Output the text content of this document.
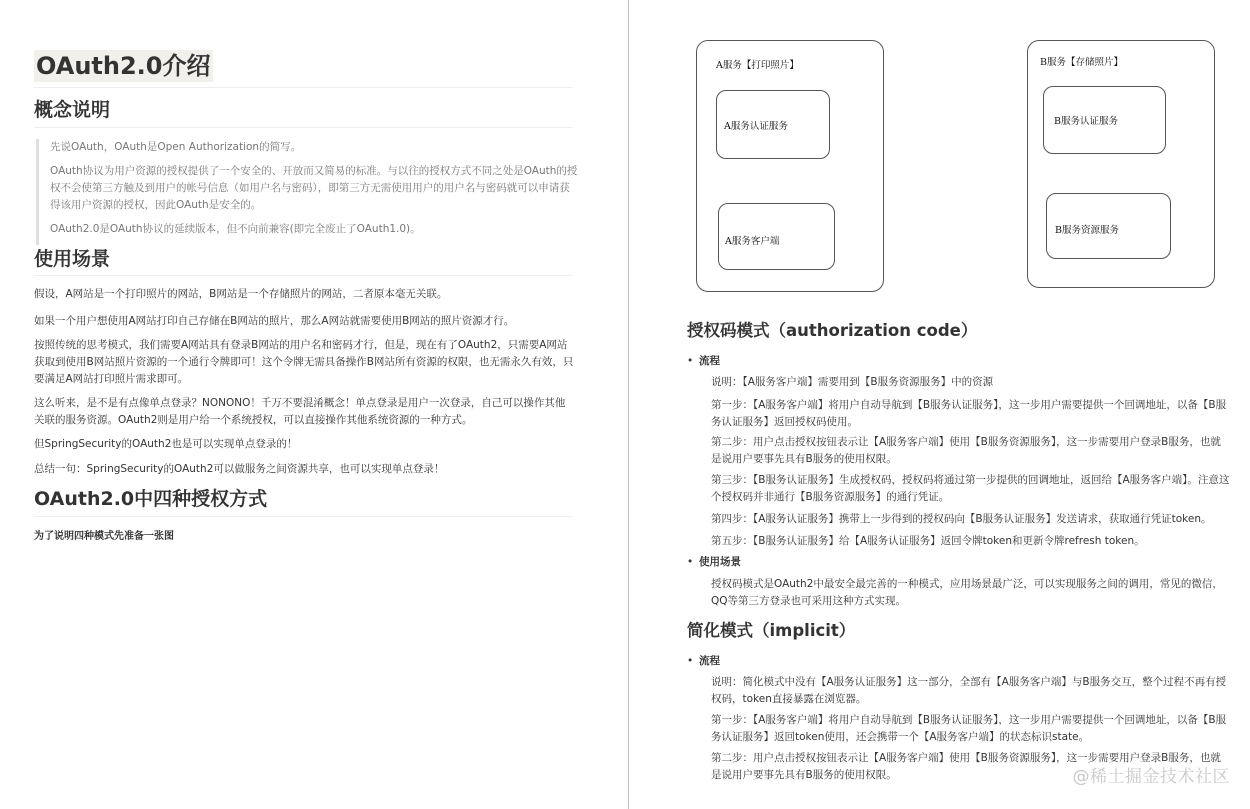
OAuth2.0介绍
概念说明

先说OAuth，OAuth是Open Authorization的简写。

OAuth协议为用户资源的授权提供了一个安全的、开放而又简易的标准。与以往的授权方式不同之处是OAuth的授权不会使第三方触及到用户的帐号信息（如用户名与密码），即第三方无需使用用户的用户名与密码就可以申请获得该用户资源的授权，因此OAuth是安全的。

OAuth2.0是OAuth协议的延续版本，但不向前兼容(即完全废止了OAuth1.0)。

使用场景

假设，A网站是一个打印照片的网站，B网站是一个存储照片的网站，二者原本毫无关联。

如果一个用户想使用A网站打印自己存储在B网站的照片，那么A网站就需要使用B网站的照片资源才行。

按照传统的思考模式，我们需要A网站具有登录B网站的用户名和密码才行，但是，现在有了OAuth2，只需要A网站获取到使用B网站照片资源的一个通行令牌即可！这个令牌无需具备操作B网站所有资源的权限，也无需永久有效，只要满足A网站打印照片需求即可。

这么听来，是不是有点像单点登录？NONONO！千万不要混淆概念！单点登录是用户一次登录，自己可以操作其他关联的服务资源。OAuth2则是用户给一个系统授权，可以直接操作其他系统资源的一种方式。

但SpringSecurity的OAuth2也是可以实现单点登录的！

总结一句：SpringSecurity的OAuth2可以做服务之间资源共享，也可以实现单点登录！

OAuth2.0中四种授权方式

为了说明四种模式先准备一张图

A服务【打印照片】
A服务认证服务
A服务客户端
B服务【存储照片】
B服务认证服务
B服务资源服务
授权码模式（authorization code）
• 流程

说明：【A服务客户端】需要用到【B服务资源服务】中的资源

第一步：【A服务客户端】将用户自动导航到【B服务认证服务】，这一步用户需要提供一个回调地址，以备【B服务认证服务】返回授权码使用。

第二步：用户点击授权按钮表示让【A服务客户端】使用【B服务资源服务】，这一步需要用户登录B服务，也就是说用户要事先具有B服务的使用权限。

第三步：【B服务认证服务】生成授权码，授权码将通过第一步提供的回调地址，返回给【A服务客户端】。注意这个授权码并非通行【B服务资源服务】的通行凭证。

第四步：【A服务认证服务】携带上一步得到的授权码向【B服务认证服务】发送请求，获取通行凭证token。

第五步：【B服务认证服务】给【A服务认证服务】返回令牌token和更新令牌refresh token。

• 使用场景

授权码模式是OAuth2中最安全最完善的一种模式，应用场景最广泛，可以实现服务之间的调用，常见的微信，QQ等第三方登录也可采用这种方式实现。

简化模式（implicit）
• 流程

说明：简化模式中没有【A服务认证服务】这一部分，全部有【A服务客户端】与B服务交互，整个过程不再有授权码，token直接暴露在浏览器。

第一步：【A服务客户端】将用户自动导航到【B服务认证服务】，这一步用户需要提供一个回调地址，以备【B服务认证服务】返回token使用，还会携带一个【A服务客户端】的状态标识state。

第二步：用户点击授权按钮表示让【A服务客户端】使用【B服务资源服务】，这一步需要用户登录B服务，也就是说用户要事先具有B服务的使用权限。	@稀土掘金技术社区
